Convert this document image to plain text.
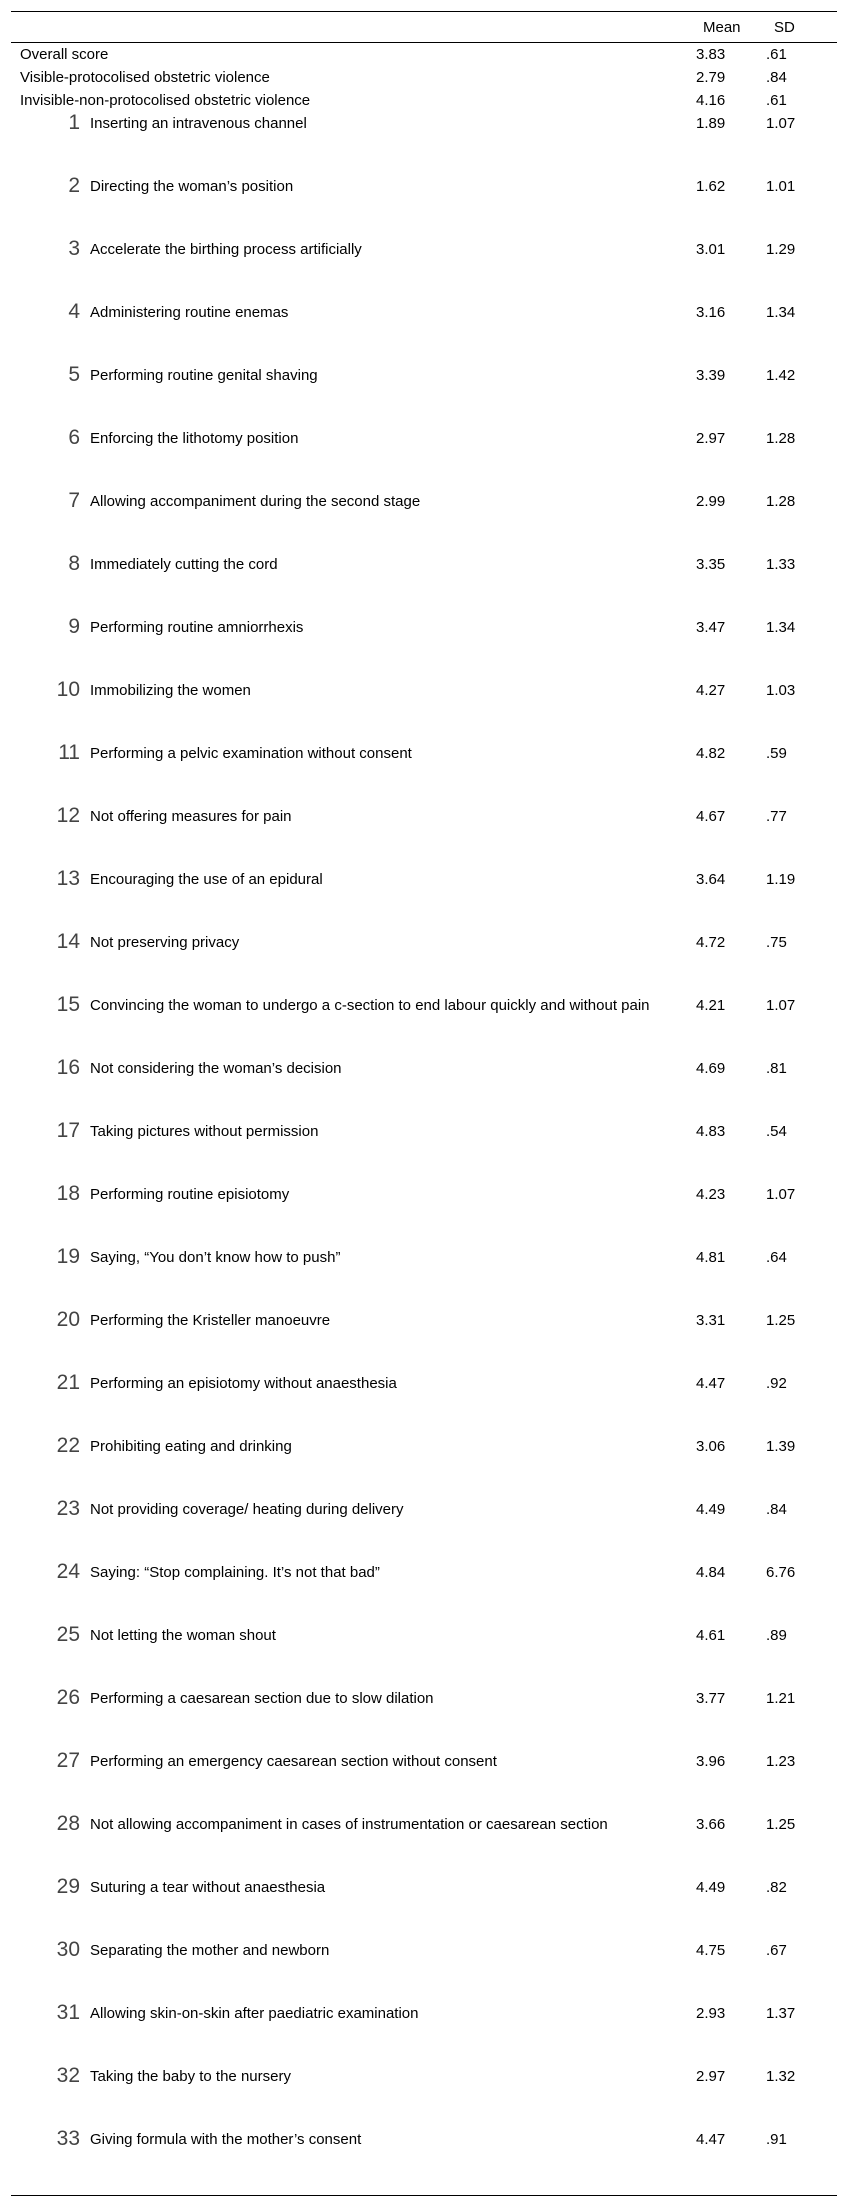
	Mean	SD
Overall score	3.83	.61
Visible-protocolised obstetric violence	2.79	.84
Invisible-non-protocolised obstetric violence	4.16	.61

1 Inserting an intravenous channel	1.89	1.07

2 Directing the woman’s position	1.62	1.01

3 Accelerate the birthing process artificially	3.01	1.29

4 Administering routine enemas	3.16	1.34

5 Performing routine genital shaving	3.39	1.42

6 Enforcing the lithotomy position	2.97	1.28

7 Allowing accompaniment during the second stage	2.99	1.28

8 Immediately cutting the cord	3.35	1.33

9 Performing routine amniorrhexis	3.47	1.34

10 Immobilizing the women	4.27	1.03

11 Performing a pelvic examination without consent	4.82	.59

12 Not offering measures for pain	4.67	.77

13 Encouraging the use of an epidural	3.64	1.19

14 Not preserving privacy	4.72	.75

15 Convincing the woman to undergo a c-section to end labour quickly and without pain	4.21	1.07

16 Not considering the woman’s decision	4.69	.81

17 Taking pictures without permission	4.83	.54

18 Performing routine episiotomy	4.23	1.07

19 Saying, “You don’t know how to push”	4.81	.64

20 Performing the Kristeller manoeuvre	3.31	1.25

21 Performing an episiotomy without anaesthesia	4.47	.92

22 Prohibiting eating and drinking	3.06	1.39

23 Not providing coverage/ heating during delivery	4.49	.84

24 Saying: “Stop complaining. It’s not that bad”	4.84	6.76

25 Not letting the woman shout	4.61	.89

26 Performing a caesarean section due to slow dilation	3.77	1.21

27 Performing an emergency caesarean section without consent	3.96	1.23

28 Not allowing accompaniment in cases of instrumentation or caesarean section	3.66	1.25

29 Suturing a tear without anaesthesia	4.49	.82

30 Separating the mother and newborn	4.75	.67

31 Allowing skin-on-skin after paediatric examination	2.93	1.37

32 Taking the baby to the nursery	2.97	1.32

33 Giving formula with the mother’s consent	4.47	.91
